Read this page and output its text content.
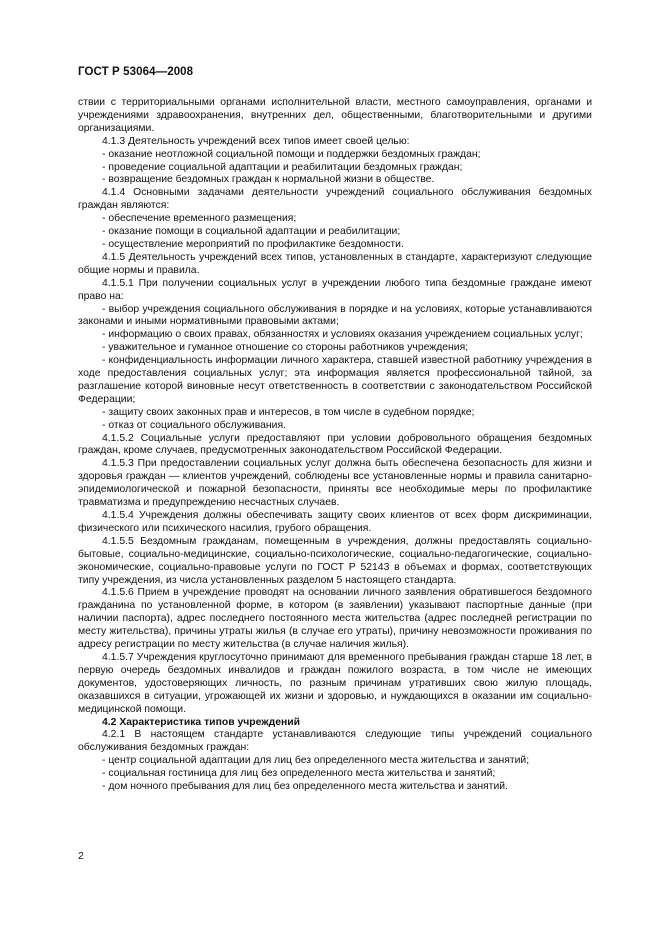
ГОСТ Р 53064—2008

ствии с территориальными органами исполнительной власти, местного самоуправления, органами и

учреждениями здравоохранения, внутренних дел, общественными, благотворительными и другими

организациями.

4.1.3 Деятельность учреждений всех типов имеет своей целью:

- оказание неотложной социальной помощи и поддержки бездомных граждан;

- проведение социальной адаптации и реабилитации бездомных граждан;

- возвращение бездомных граждан к нормальной жизни в обществе.

4.1.4 Основными задачами деятельности учреждений социального обслуживания бездомных граждан являются:

- обеспечение временного размещения;

- оказание помощи в социальной адаптации и реабилитации;

- осуществление мероприятий по профилактике бездомности.

4.1.5 Деятельность учреждений всех типов, установленных в стандарте, характеризуют следующие общие нормы и правила.

4.1.5.1 При получении социальных услуг в учреждении любого типа бездомные граждане имеют право на:

- выбор учреждения социального обслуживания в порядке и на условиях, которые устанавливаются законами и иными нормативными правовыми актами;

- информацию о своих правах, обязанностях и условиях оказания учреждением социальных услуг;

- уважительное и гуманное отношение со стороны работников учреждения;

- конфиденциальность информации личного характера, ставшей известной работнику учреждения в ходе предоставления социальных услуг; эта информация является профессиональной тайной, за разглашение которой виновные несут ответственность в соответствии с законодательством Российской Федерации;

- защиту своих законных прав и интересов, в том числе в судебном порядке;

- отказ от социального обслуживания.

4.1.5.2 Социальные услуги предоставляют при условии добровольного обращения бездомных граждан, кроме случаев, предусмотренных законодательством Российской Федерации.

4.1.5.3 При предоставлении социальных услуг должна быть обеспечена безопасность для жизни и здоровья граждан — клиентов учреждений, соблюдены все установленные нормы и правила санитарно-эпидемиологической и пожарной безопасности, приняты все необходимые меры по профилактике травматизма и предупреждению несчастных случаев.

4.1.5.4 Учреждения должны обеспечивать защиту своих клиентов от всех форм дискриминации, физического или психического насилия, грубого обращения.

4.1.5.5 Бездомным гражданам, помещенным в учреждения, должны предоставлять социально-бытовые, социально-медицинские, социально-психологические, социально-педагогические, социально-экономические, социально-правовые услуги по ГОСТ Р 52143 в объемах и формах, соответствующих типу учреждения, из числа установленных разделом 5 настоящего стандарта.

4.1.5.6 Прием в учреждение проводят на основании личного заявления обратившегося бездомного гражданина по установленной форме, в котором (в заявлении) указывают паспортные данные (при наличии паспорта), адрес последнего постоянного места жительства (адрес последней регистрации по месту жительства), причины утраты жилья (в случае его утраты), причину невозможности проживания по адресу регистрации по месту жительства (в случае наличия жилья).

4.1.5.7 Учреждения круглосуточно принимают для временного пребывания граждан старше 18 лет, в первую очередь бездомных инвалидов и граждан пожилого возраста, в том числе не имеющих документов, удостоверяющих личность, по разным причинам утративших свою жилую площадь, оказавшихся в ситуации, угрожающей их жизни и здоровью, и нуждающихся в оказании им социально- медицинской помощи.

4.2 Характеристика типов учреждений

4.2.1 В настоящем стандарте устанавливаются следующие типы учреждений социального обслуживания бездомных граждан:

- центр социальной адаптации для лиц без определенного места жительства и занятий;

- социальная гостиница для лиц без определенного места жительства и занятий;

- дом ночного пребывания для лиц без определенного места жительства и занятий.

2
